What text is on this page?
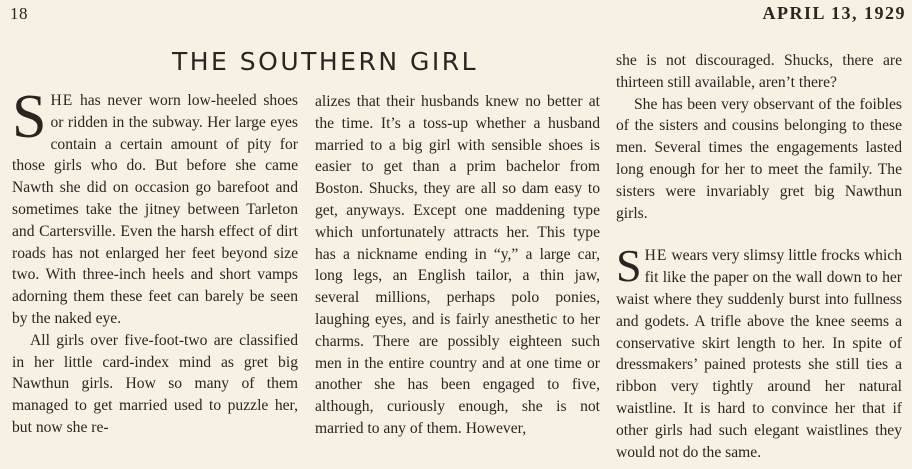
18	APRIL 13, 1929
THE SOUTHERN GIRL

SHE has never worn low-heeled shoes or ridden in the subway. Her large eyes contain a certain amount of pity for those girls who do. But before she came Nawth she did on occasion go barefoot and sometimes take the jitney between Tarleton and Cartersville. Even the harsh effect of dirt roads has not enlarged her feet beyond size two. With three-inch heels and short vamps adorning them these feet can barely be seen by the naked eye.

All girls over five-foot-two are classified in her little card-index mind as gret big Nawthun girls. How so many of them managed to get married used to puzzle her, but now she re-

alizes that their husbands knew no better at the time. It’s a toss-up whether a husband married to a big girl with sensible shoes is easier to get than a prim bachelor from Boston. Shucks, they are all so dam easy to get, anyways. Except one maddening type which unfortunately attracts her. This type has a nickname ending in “y,” a large car, long legs, an English tailor, a thin jaw, several millions, perhaps polo ponies, laughing eyes, and is fairly anesthetic to her charms. There are possibly eighteen such men in the entire country and at one time or another she has been engaged to five, although, curiously enough, she is not married to any of them. However,

she is not discouraged. Shucks, there are thirteen still available, aren’t there?

She has been very observant of the foibles of the sisters and cousins belonging to these men. Several times the engagements lasted long enough for her to meet the family. The sisters were invariably gret big Nawthun girls.

SHE wears very slimsy little frocks which fit like the paper on the wall down to her waist where they suddenly burst into fullness and godets. A trifle above the knee seems a conservative skirt length to her. In spite of dressmakers’ pained protests she still ties a ribbon very tightly around her natural waistline. It is hard to convince her that if other girls had such elegant waistlines they would not do the same.
